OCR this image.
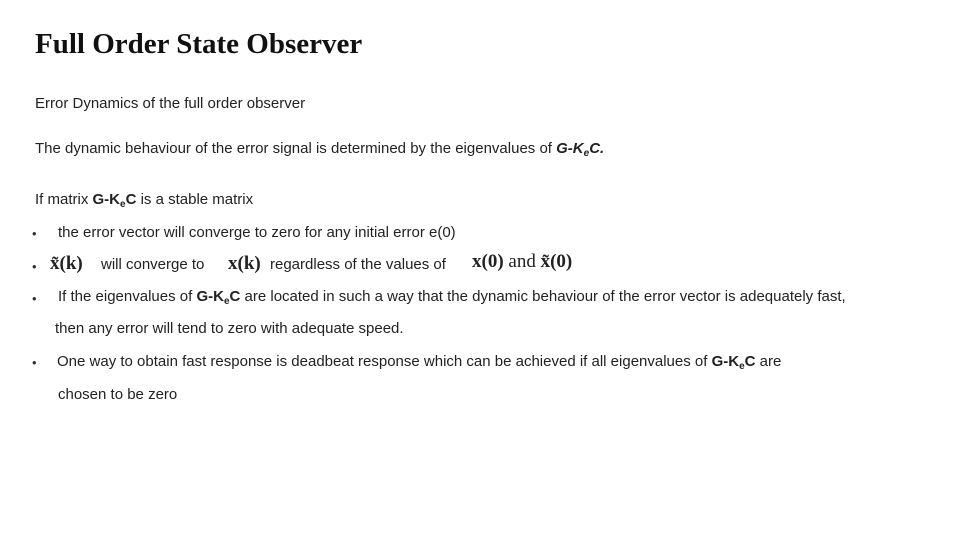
Full Order State Observer
Error Dynamics of the full order observer
The dynamic behaviour of the error signal is determined by the eigenvalues of $G-K_eC$.
If matrix $G-K_eC$ is a stable matrix
• the error vector will converge to zero for any initial error e(0)
• x̃(k) will converge to x(k) regardless of the values of x(0) and x̃(0)
• If the eigenvalues of $G-K_eC$ are located in such a way that the dynamic behaviour of the error vector is adequately fast,
then any error will tend to zero with adequate speed.
• One way to obtain fast response is deadbeat response which can be achieved if all eigenvalues of $G-K_eC$ are
chosen to be zero
